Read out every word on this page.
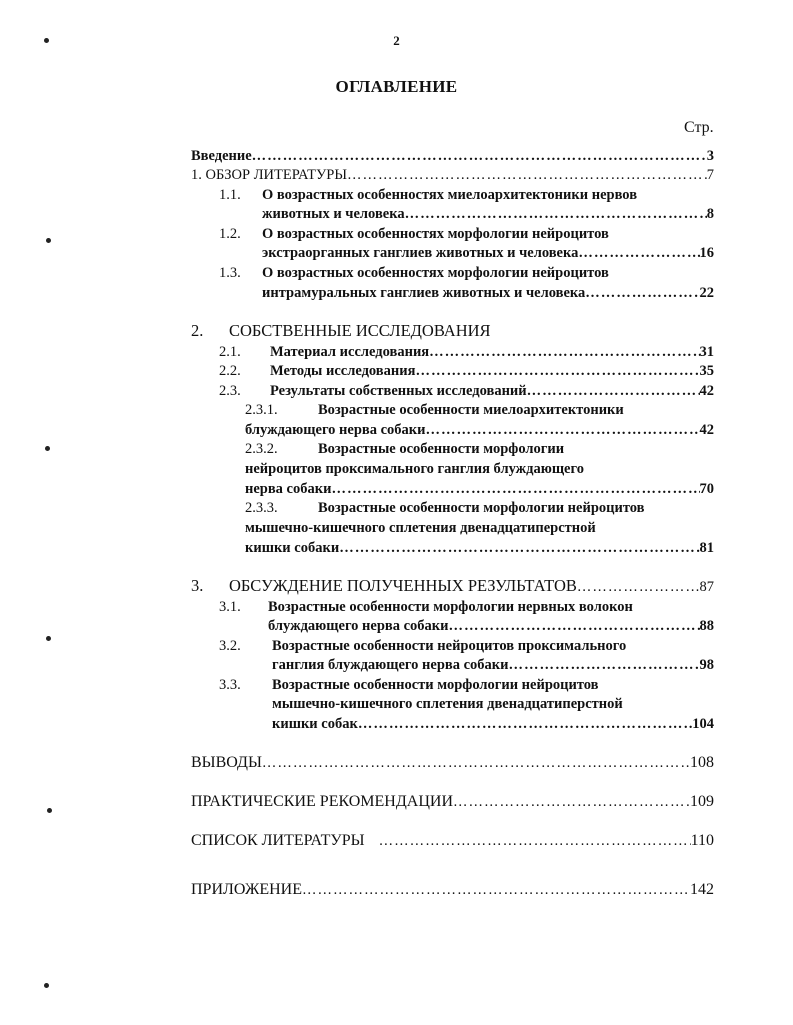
2
ОГЛАВЛЕНИЕ
Стр.
Введение …………………………………………………………………………………………………………………………………………………………	3
1. ОБЗОР ЛИТЕРАТУРЫ …………………………………………………………………………………………………………………………………………………………	7
1.1. О возрастных особенностях миелоархитектоники нервов
животных и человека …………………………………………………………………………………………………………………………………………………………	8
1.2. О возрастных особенностях морфологии нейроцитов
экстраорганных ганглиев животных и человека …………………………………………………………………………………………………………………………………………………………	16
1.3. О возрастных особенностях морфологии нейроцитов
интрамуральных ганглиев животных и человека …………………………………………………………………………………………………………………………………………………………	22
2. СОБСТВЕННЫЕ ИССЛЕДОВАНИЯ
2.1. Материал исследования …………………………………………………………………………………………………………………………………………………………	31
2.2. Методы исследования …………………………………………………………………………………………………………………………………………………………	35
2.3. Результаты собственных исследований …………………………………………………………………………………………………………………………………………………………	42
2.3.1.	Возрастные особенности миелоархитектоники
блуждающего нерва собаки …………………………………………………………………………………………………………………………………………………………	42
2.3.2.	Возрастные особенности морфологии
нейроцитов проксимального ганглия блуждающего
нерва собаки …………………………………………………………………………………………………………………………………………………………	70
2.3.3.	Возрастные особенности морфологии нейроцитов
мышечно-кишечного сплетения двенадцатиперстной
кишки собаки …………………………………………………………………………………………………………………………………………………………	81
3. ОБСУЖДЕНИЕ ПОЛУЧЕННЫХ РЕЗУЛЬТАТОВ …………………………………………………………………………………………………………………………………………………………	87
3.1. Возрастные особенности морфологии нервных волокон
блуждающего нерва собаки …………………………………………………………………………………………………………………………………………………………	88
3.2. Возрастные особенности нейроцитов проксимального
ганглия блуждающего нерва собаки …………………………………………………………………………………………………………………………………………………………	98
3.3. Возрастные особенности морфологии нейроцитов
мышечно-кишечного сплетения двенадцатиперстной
кишки собак …………………………………………………………………………………………………………………………………………………………	104
ВЫВОДЫ …………………………………………………………………………………………………………………………………………………………	108
ПРАКТИЧЕСКИЕ РЕКОМЕНДАЦИИ …………………………………………………………………………………………………………………………………………………………	109
СПИСОК ЛИТЕРАТУРЫ …………………………………………………………………………………………………………………………………………………………	110
ПРИЛОЖЕНИЕ …………………………………………………………………………………………………………………………………………………………	142
